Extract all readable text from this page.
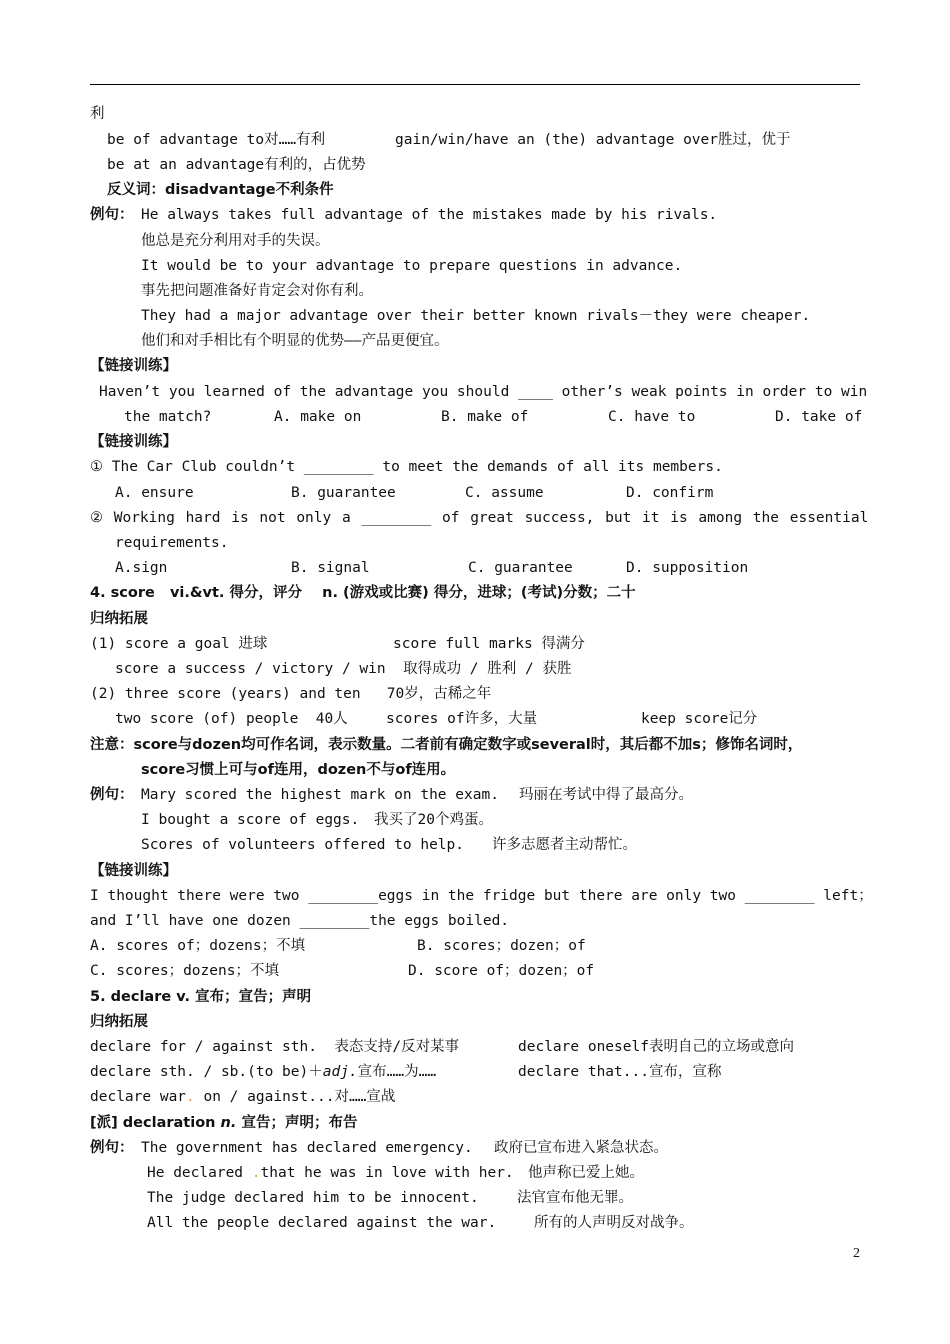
利
be of advantage to对……有利	gain/win/have an (the) advantage over胜过，优于
be at an advantage有利的，占优势
反义词：disadvantage不利条件
例句： He always takes full advantage of the mistakes made by his rivals.
他总是充分利用对手的失误。
It would be to your advantage to prepare questions in advance.
事先把问题准备好肯定会对你有利。
They had a major advantage over their better known rivals－they were cheaper.
他们和对手相比有个明显的优势——产品更便宜。
【链接训练】
Haven’t you learned of the advantage you should ____ other’s weak points in order to win
the match?	A. make on	B. make of	C. have to	D. take of
【链接训练】
① The Car Club couldn’t ________ to meet the demands of all its members.
A. ensure	B. guarantee	C. assume	D. confirm
② Working hard is not only a ________ of great success, but it is among the essential
requirements.
A.sign	B. signal	C. guarantee	D. supposition
4. score   vi.&vt. 得分，评分    n. (游戏或比赛) 得分，进球；(考试)分数；二十
归纳拓展
(1) score a goal 进球	score full marks 得满分
score a success / victory / win  取得成功 / 胜利 / 获胜
(2) three score (years) and ten   70岁，古稀之年
two score (of) people  40人	scores of许多，大量	keep score记分
注意：score与dozen均可作名词，表示数量。二者前有确定数字或several时，其后都不加s；修饰名词时，
score习惯上可与of连用，dozen不与of连用。
例句： Mary scored the highest mark on the exam. 玛丽在考试中得了最高分。
I bought a score of eggs. 我买了20个鸡蛋。
Scores of volunteers offered to help. 许多志愿者主动帮忙。
【链接训练】
I thought there were two ________eggs in the fridge but there are only two ________ left；
and I’ll have one dozen ________the eggs boiled.
A. scores of；dozens；不填	B. scores；dozen；of
C. scores；dozens；不填	D. score of；dozen；of
5. declare v. 宣布；宣告；声明
归纳拓展
declare for / against sth.  表态支持/反对某事	declare oneself表明自己的立场或意向
declare sth. / sb.(to be)＋adj.宣布……为……	declare that...宣布，宣称
declare war. on / against...对……宣战
[派] declaration n. 宣告；声明；布告
例句： The government has declared emergency. 政府已宣布进入紧急状态。
He declared .that he was in love with her. 他声称已爱上她。
The judge declared him to be innocent.	法官宣布他无罪。
All the people declared against the war.	所有的人声明反对战争。
2
